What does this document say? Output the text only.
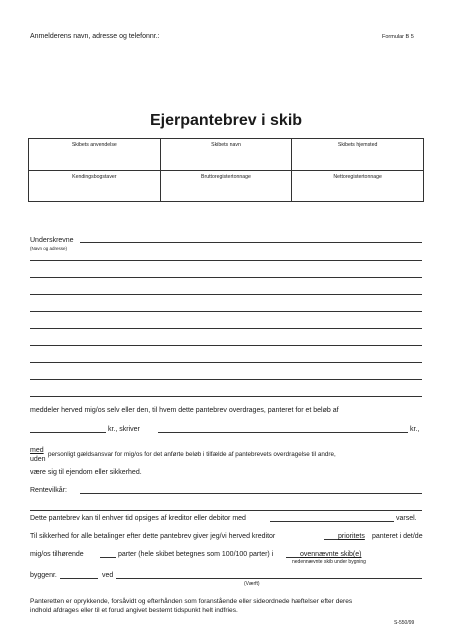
Anmelderens navn, adresse og telefonnr.:	Formular B 5
Ejerpantebrev i skib
Skibets anvendelse	Skibets navn	Skibets hjemsted
Kendingsbogstaver	Bruttoregistertonnage	Nettoregistertonnage
Underskrevne
(Navn og adresse)
meddeler herved mig/os selv eller den, til hvem dette pantebrev overdrages, panteret for et beløb af
kr., skriver	kr.,
med
uden
personligt gældsansvar for mig/os for det anførte beløb i tilfælde af pantebrevets overdragelse til andre,
være sig til ejendom eller sikkerhed.
Rentevilkår:
Dette pantebrev kan til enhver tid opsiges af kreditor eller debitor med	varsel.
Til sikkerhed for alle betalinger efter dette pantebrev giver jeg/vi herved kreditor	prioritets panteret i det/de
mig/os tilhørende	parter (hele skibet betegnes som 100/100 parter) i	ovennævnte skib(e)
nedennævnte skib under bygning
byggenr.	ved
(Værft)
Panteretten er oprykkende, forsåvidt og efterhånden som foranstående eller sideordnede hæftelser efter deres
indhold afdrages eller til et forud angivet bestemt tidspunkt helt indfries.
S-550/99
